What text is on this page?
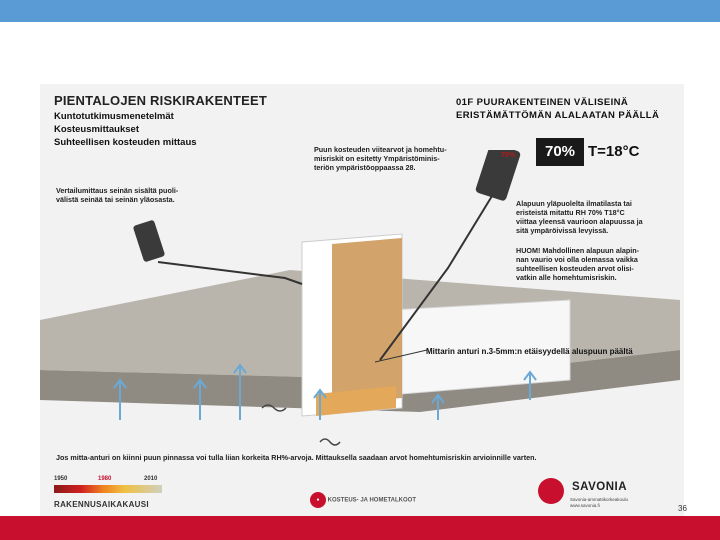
PIENTALOJEN RISKIRAKENTEET
Kuntotutkimusmenetelmät
Kosteusmittaukset
Suhteellisen kosteuden mittaus
01F PUURAKENTEINEN VÄLISEINÄ
ERISTÄMÄTTÖMÄN ALALAATAN PÄÄLLÄ
70%
Vertailumittaus seinän sisältä puoli-
välistä seinää tai seinän yläosasta.
Puun kosteuden viitearvot ja homehtu-
misriskit on esitetty Ympäristöminis-
teriön ympäristöoppaassa 28.
70% T=18°C
Alapuun yläpuolelta ilmatilasta tai
eristeistä mitattu RH 70% T18°C
viittaa yleensä vaurioon alapuussa ja
sitä ympäröivissä levyissä.
HUOM! Mahdollinen alapuun alapin-
nan vaurio voi olla olemassa vaikka
suhteellisen kosteuden arvot olisi-
vatkin alle homehtumisriskin.
Mittarin anturi n.3-5mm:n etäisyydellä aluspuun päältä
Jos mitta-anturi on kiinni puun pinnassa voi tulla liian korkeita RH%-arvoja. Mittauksella saadaan arvot homehtumisriskin arvioinnille varten.
1950	1980	2010
RAKENNUSAIKAKAUSI	● KOSTEUS- JA HOMETALKOOT
SAVONIA
Savonia-ammattikorkeakoulu
www.savonia.fi	36
